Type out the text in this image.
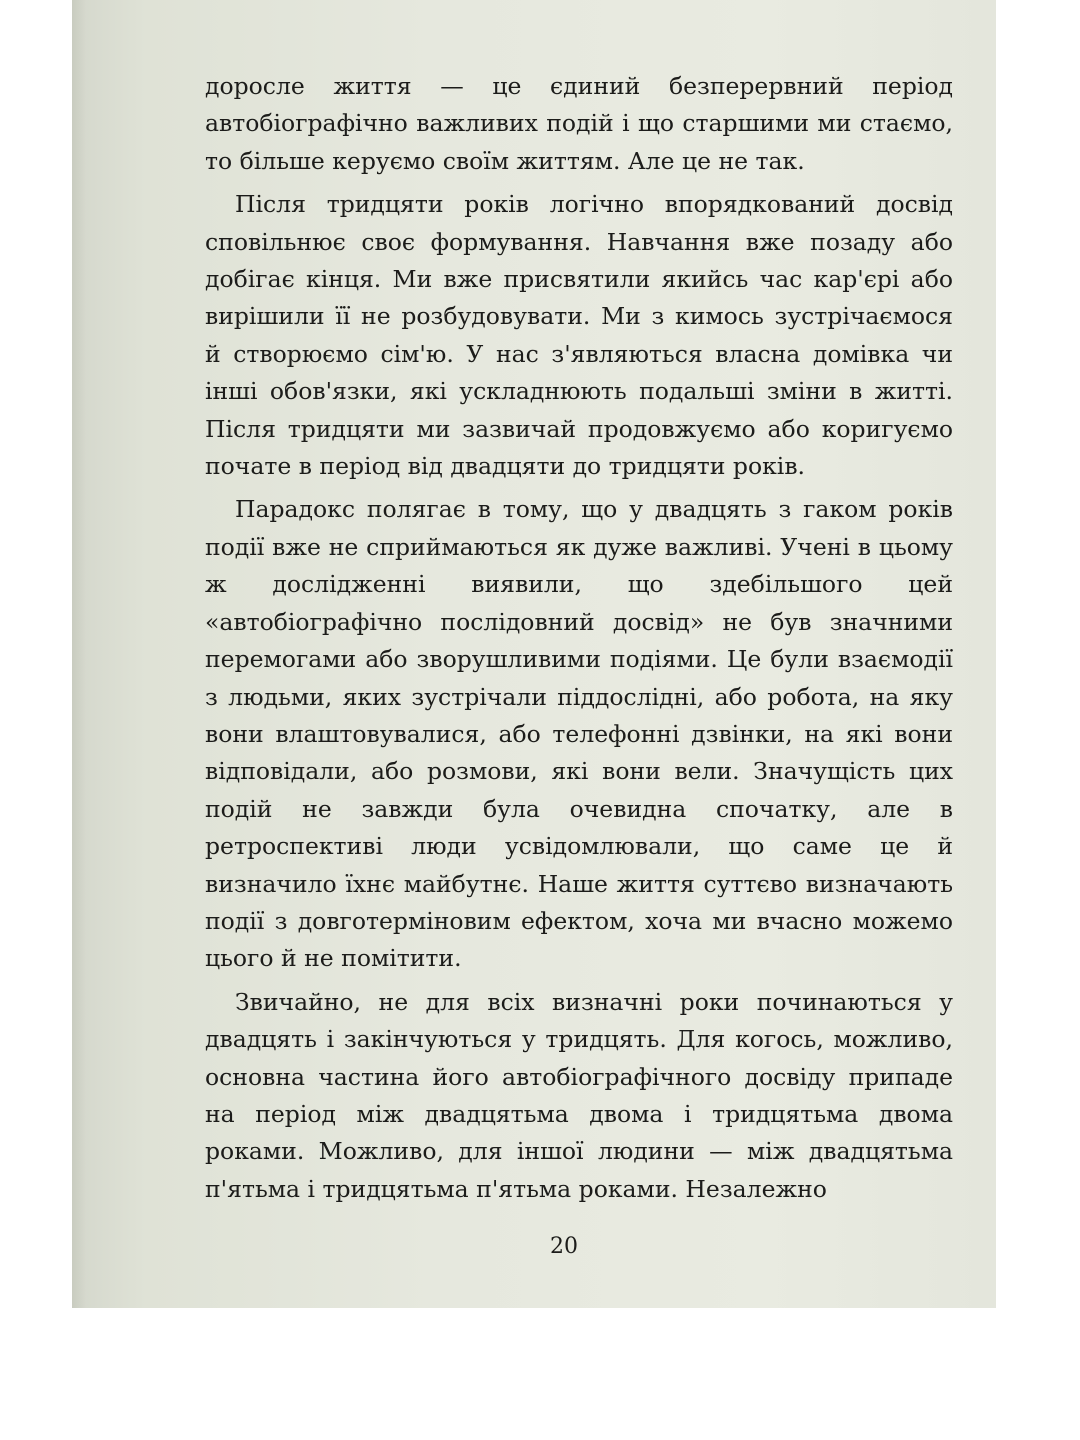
доросле життя — це єдиний безперервний період автобіографічно важливих подій і що старшими ми стаємо, то більше керуємо своїм життям. Але це не так.

Після тридцяти років логічно впорядкований досвід сповільнює своє формування. Навчання вже позаду або добігає кінця. Ми вже присвятили якийсь час кар'єрі або вирішили її не розбудовувати. Ми з кимось зустрічаємося й створюємо сім'ю. У нас з'являються власна домівка чи інші обов'язки, які ускладнюють подальші зміни в житті. Після тридцяти ми зазвичай продовжуємо або коригуємо почате в період від двадцяти до тридцяти років.

Парадокс полягає в тому, що у двадцять з гаком років події вже не сприймаються як дуже важливі. Учені в цьому ж дослідженні виявили, що здебільшого цей «автобіографічно послідовний досвід» не був значними перемогами або зворушливими подіями. Це були взаємодії з людьми, яких зустрічали піддослідні, або робота, на яку вони влаштовувалися, або телефонні дзвінки, на які вони відповідали, або розмови, які вони вели. Значущість цих подій не завжди була очевидна спочатку, але в ретроспективі люди усвідомлювали, що саме це й визначило їхнє майбутнє. Наше життя суттєво визначають події з довготерміновим ефектом, хоча ми вчасно можемо цього й не помітити.

Звичайно, не для всіх визначні роки починаються у двадцять і закінчуються у тридцять. Для когось, можливо, основна частина його автобіографічного досвіду припаде на період між двадцятьма двома і тридцятьма двома роками. Можливо, для іншої людини — між двадцятьма п'ятьма і тридцятьма п'ятьма роками. Незалежно

20
